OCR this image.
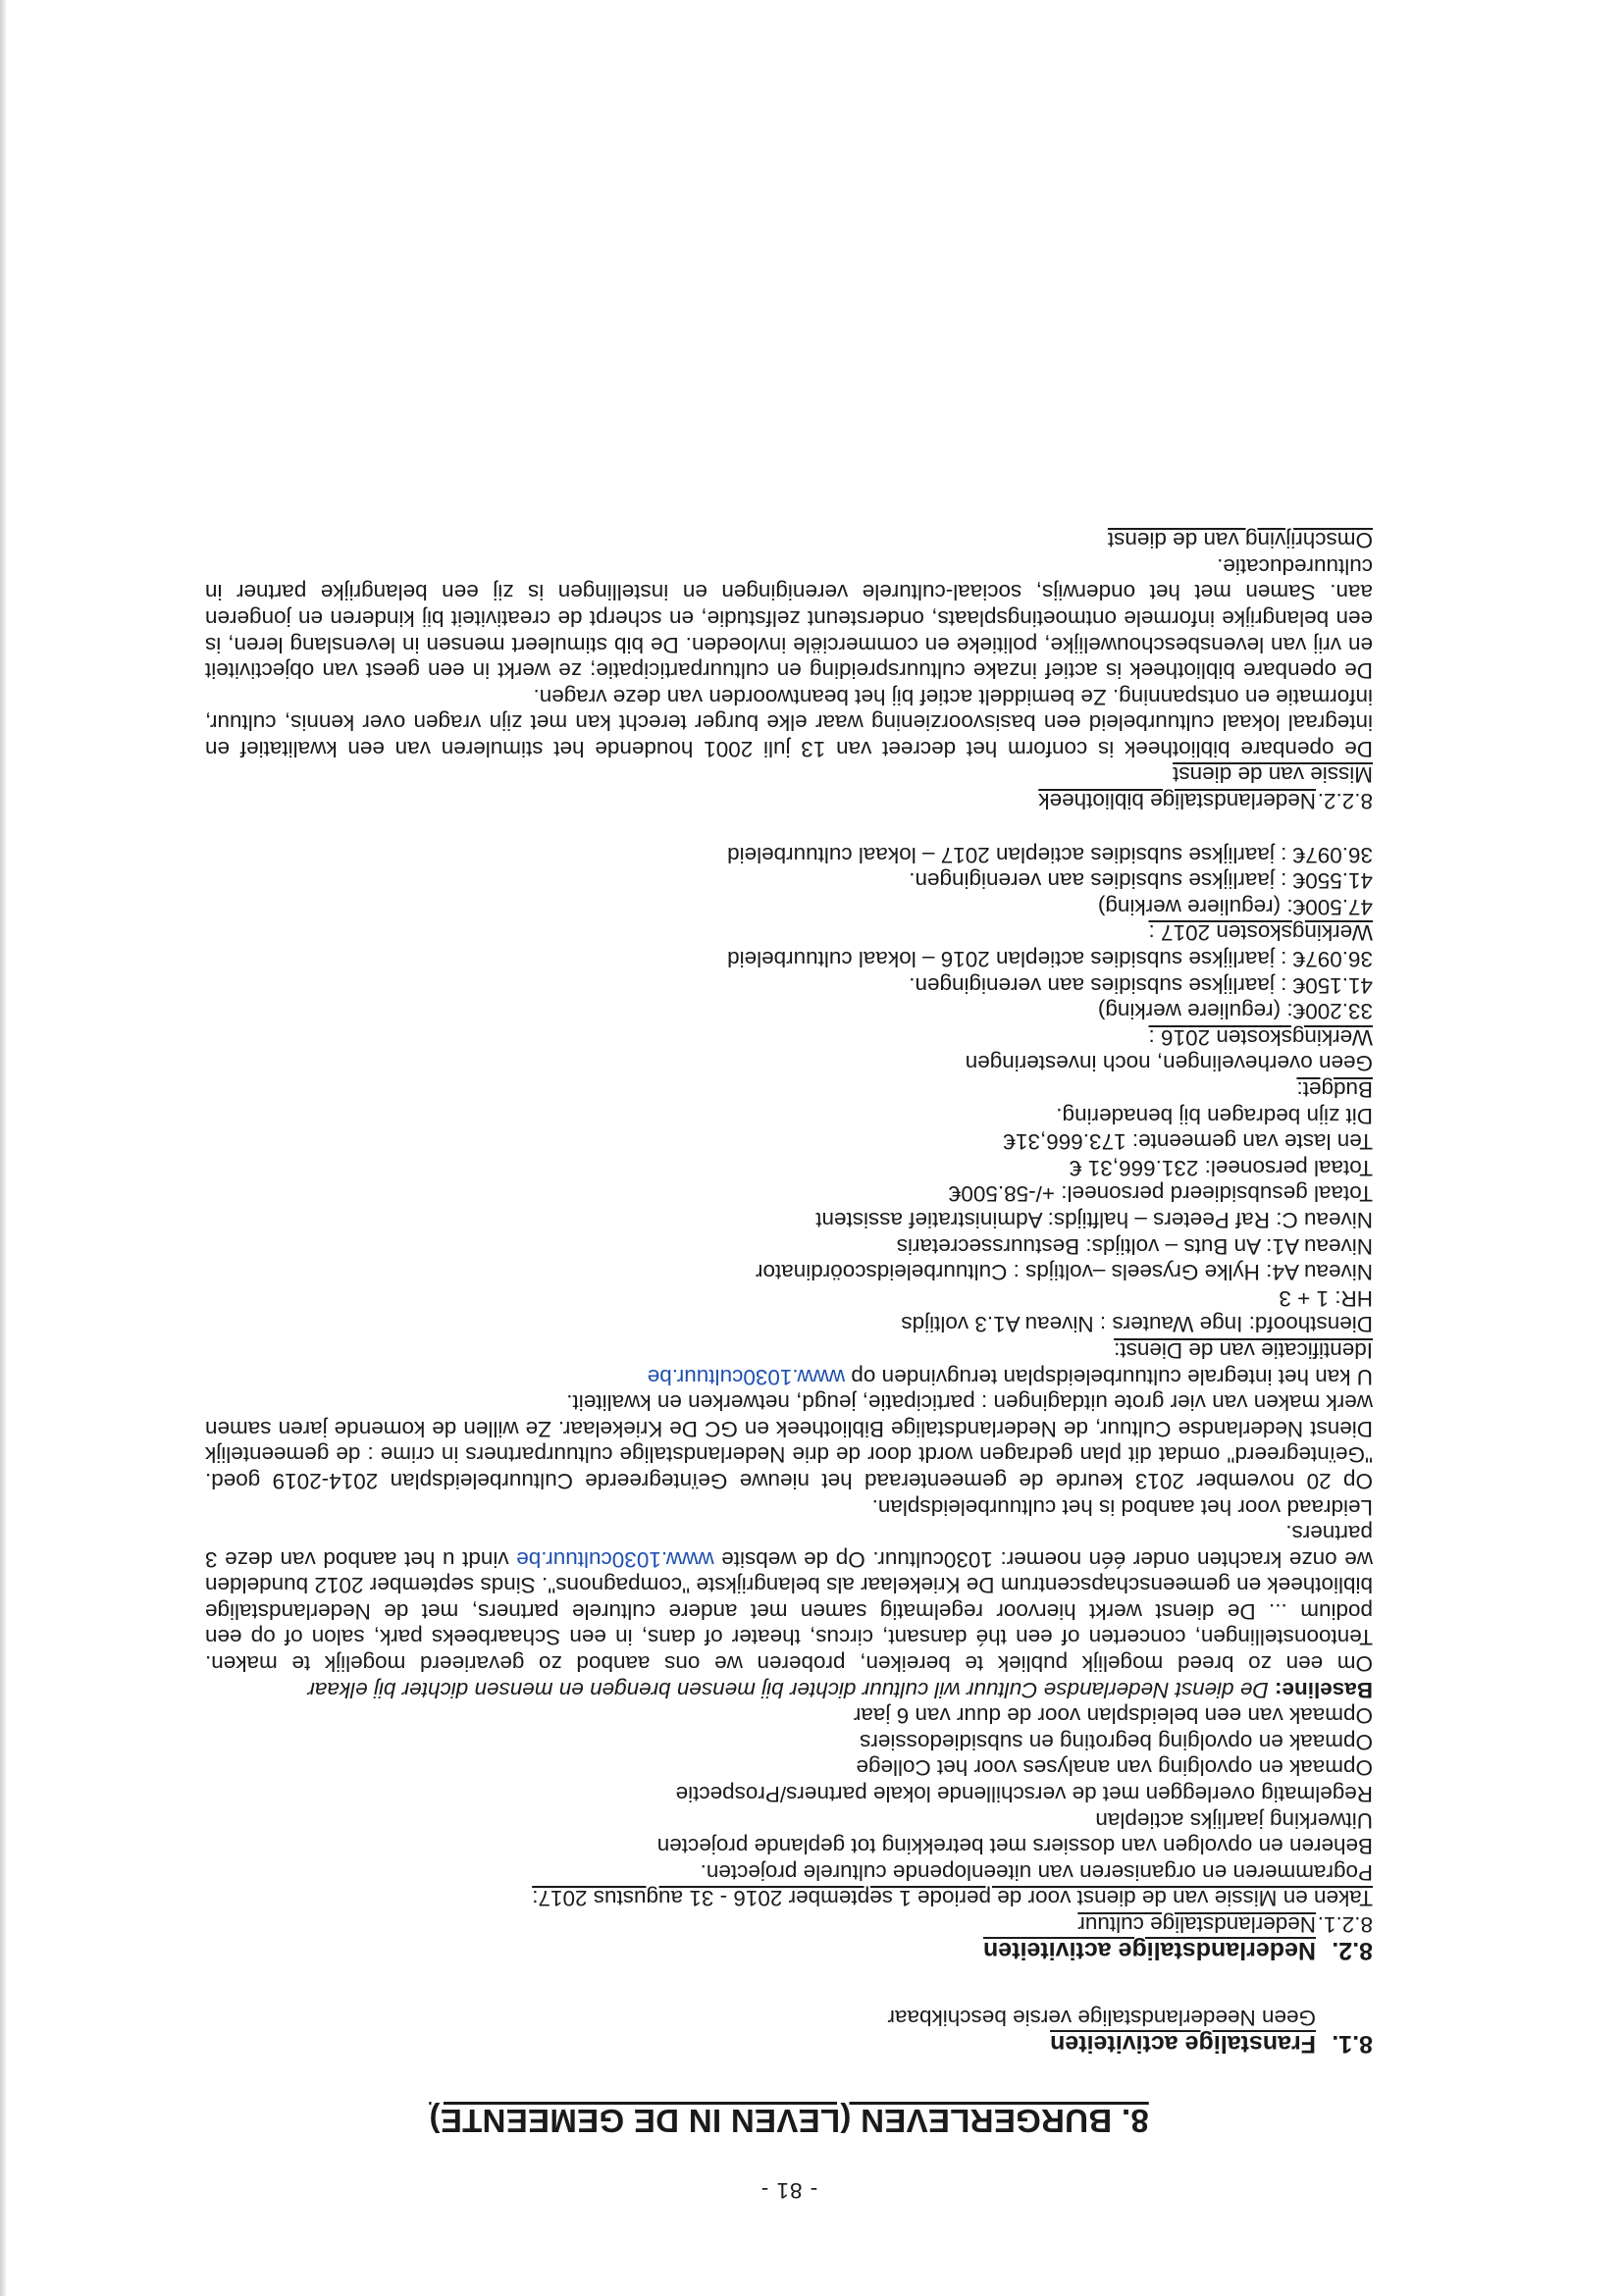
- 81 -
8. BURGERLEVEN (LEVEN IN DE GEMEENTE)
8.1.
Franstalige activiteiten
Geen Neederlandstalige versie beschikbaar
8.2.
Nederlandstalige activiteiten
8.2.1.
Nederlandstalige cultuur
Taken en Missie van de dienst voor de periode 1 september 2016 - 31 augustus 2017:
Pogrammeren en organiseren van uiteenlopende culturele projecten.
Beheren en opvolgen van dossiers met betrekking tot geplande projecten
Uitwerking jaarlijks actieplan
Regelmatig overleggen met de verschillende lokale partners/Prospectie
Opmaak en opvolging van analyses voor het College
Opmaak en opvolging begroting en subsidiedossiers
Opmaak van een beleidsplan voor de duur van 6 jaar
Baseline: De dienst Nederlandse Cultuur wil cultuur dichter bij mensen brengen en mensen dichter bij elkaar
Om een zo breed mogelijk publiek te bereiken, proberen we ons aanbod zo gevarieerd mogelijk te maken. Tentoonstellingen, concerten of een thé dansant, circus, theater of dans, in een Schaarbeeks park, salon of op een podium ... De dienst werkt hiervoor regelmatig samen met andere culturele partners, met de Nederlandstalige bibliotheek en gemeenschapscentrum De Kriekelaar als belangrijkste "compagnons". Sinds september 2012 bundelden we onze krachten onder één noemer: 1030cultuur. Op de website www.1030cultuur.be vindt u het aanbod van deze 3 partners.
Leidraad voor het aanbod is het cultuurbeleidsplan.
Op 20 november 2013 keurde de gemeenteraad het nieuwe Geïntegreerde Cultuurbeleidsplan 2014-2019 goed. "Geïntegreerd" omdat dit plan gedragen wordt door de drie Nederlandstalige cultuurpartners in crime : de gemeentelijk Dienst Nederlandse Cultuur, de Nederlandstalige Bibliotheek en GC De Kriekelaar. Ze willen de komende jaren samen werk maken van vier grote uitdagingen : participatie, jeugd, netwerken en kwaliteit.
U kan het integrale cultuurbeleidsplan terugvinden op www.1030cultuur.be
Identificatie van de Dienst:
Diensthoofd: Inge Wauters : Niveau A1.3 voltijds
HR: 1 + 3
Niveau A4: Hylke Gryseels –voltijds : Cultuurbeleidscoördinator
Niveau A1: An Buts – voltijds: Bestuurssecretaris
Niveau C: Raf Peeters – halftijds: Administratief assistent
Totaal gesubsidieerd personeel: +/-58.500€
Totaal personeel: 231.666,31 €
Ten laste van gemeente: 173.666,31€
Dit zijn bedragen bij benadering.
Budget:
Geen overhevelingen, noch investeringen
Werkingskosten 2016 :
33.200€: (reguliere werking)
41.150€ : jaarlijkse subsidies aan verenigingen.
36.097€ : jaarlijkse subsidies actieplan 2016 – lokaal cultuurbeleid
Werkingskosten 2017 :
47.500€: (reguliere werking)
41.550€ : jaarlijkse subsidies aan verenigingen.
36.097€ : jaarlijkse subsidies actieplan 2017 – lokaal cultuurbeleid
8.2.2.
Nederlandstalige bibliotheek
Missie van de dienst
De openbare bibliotheek is conform het decreet van 13 juli 2001 houdende het stimuleren van een kwalitatief en integraal lokaal cultuurbeleid een basisvoorziening waar elke burger terecht kan met zijn vragen over kennis, cultuur, informatie en ontspanning. Ze bemiddelt actief bij het beantwoorden van deze vragen.
De openbare bibliotheek is actief inzake cultuurspreiding en cultuurparticipatie; ze werkt in een geest van objectiviteit en vrij van levensbeschouwelijke, politieke en commerciële invloeden. De bib stimuleert mensen in levenslang leren, is een belangrijke informele ontmoetingsplaats, ondersteunt zelfstudie, en scherpt de creativiteit bij kinderen en jongeren aan. Samen met het onderwijs, sociaal-culturele verenigingen en instellingen is zij een belangrijke partner in cultuureducatie.
Omschrijving van de dienst
